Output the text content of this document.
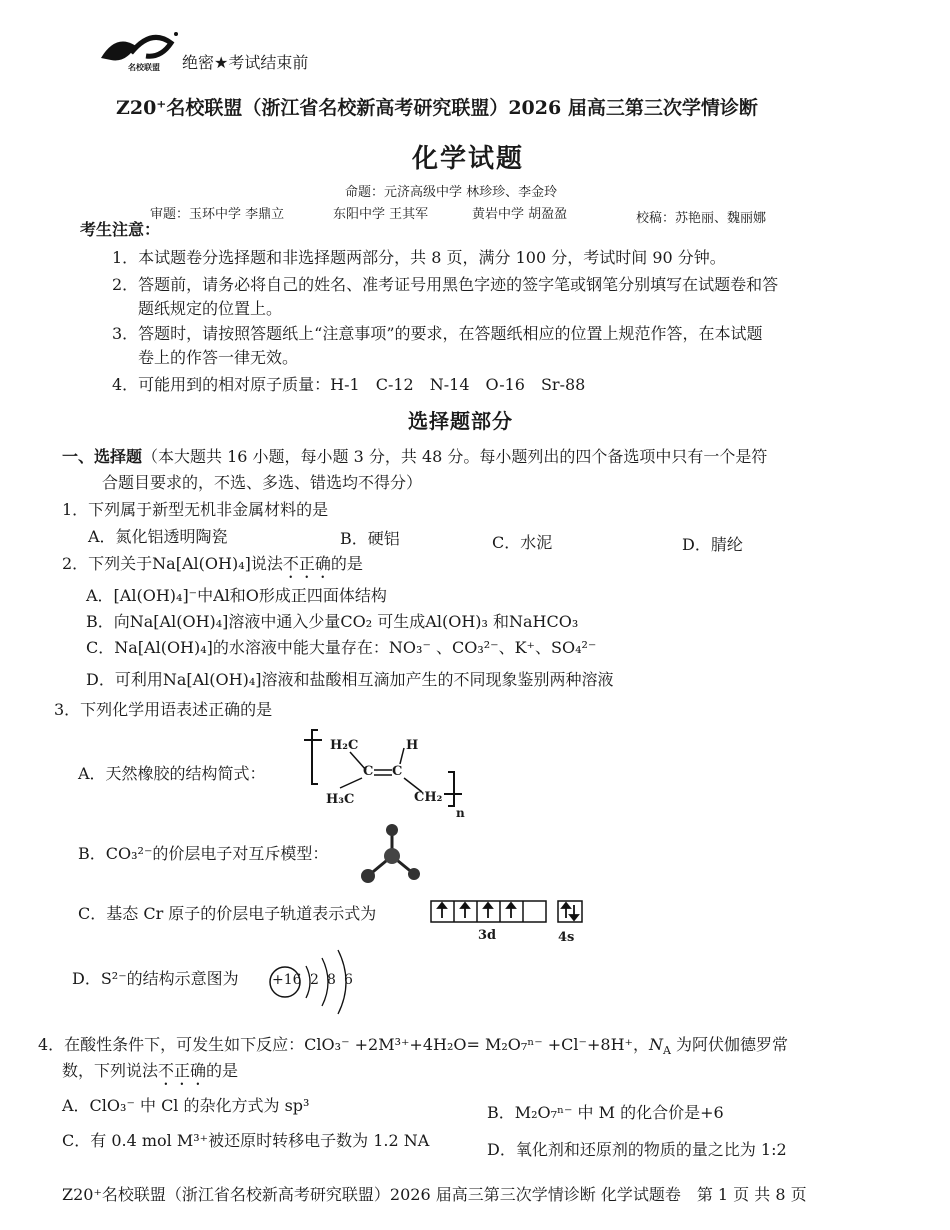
名校联盟 绝密★考试结束前
Z20⁺名校联盟（浙江省名校新高考研究联盟）2026 届高三第三次学情诊断
化学试题
命题：元济高级中学 林珍珍、李金玲
审题：玉环中学 李鼎立	东阳中学 王其军	黄岩中学 胡盈盈	校稿：苏艳丽、魏丽娜
考生注意：
1．本试题卷分选择题和非选择题两部分，共 8 页，满分 100 分，考试时间 90 分钟。
2．答题前，请务必将自己的姓名、准考证号用黑色字迹的签字笔或钢笔分别填写在试题卷和答
题纸规定的位置上。
3．答题时，请按照答题纸上“注意事项”的要求，在答题纸相应的位置上规范作答，在本试题
卷上的作答一律无效。
4．可能用到的相对原子质量：H-1　C-12　N-14　O-16　Sr-88
选择题部分
一、选择题（本大题共 16 小题，每小题 3 分，共 48 分。每小题列出的四个备选项中只有一个是符
合题目要求的，不选、多选、错选均不得分）
1．下列属于新型无机非金属材料的是
A．氮化铝透明陶瓷	B．硬铝	C．水泥	D．腈纶
2．下列关于Na[Al(OH)₄]说法不正确的是
A．[Al(OH)₄]⁻中Al和O形成正四面体结构
B．向Na[Al(OH)₄]溶液中通入少量CO₂ 可生成Al(OH)₃ 和NaHCO₃
C．Na[Al(OH)₄]的水溶液中能大量存在：NO₃⁻ 、CO₃²⁻、K⁺、SO₄²⁻
D．可利用Na[Al(OH)₄]溶液和盐酸相互滴加产生的不同现象鉴别两种溶液
3．下列化学用语表述正确的是
A．天然橡胶的结构简式：
H₂C	H
C C
H₃C	CH₂
n
B．CO₃²⁻的价层电子对互斥模型：
C．基态 Cr 原子的价层电子轨道表示式为
3d	4s
D．S²⁻的结构示意图为 +16 2 8 6
4．在酸性条件下，可发生如下反应：ClO₃⁻ +2M³⁺+4H₂O= M₂O₇ⁿ⁻ +Cl⁻+8H⁺，$N_A$ 为阿伏伽德罗常
数，下列说法不正确的是
A．ClO₃⁻ 中 Cl 的杂化方式为 sp³	B．M₂O₇ⁿ⁻ 中 M 的化合价是+6
C．有 0.4 mol M³⁺被还原时转移电子数为 1.2 NA	D．氧化剂和还原剂的物质的量之比为 1:2
Z20⁺名校联盟（浙江省名校新高考研究联盟）2026 届高三第三次学情诊断 化学试题卷　第 1 页 共 8 页
